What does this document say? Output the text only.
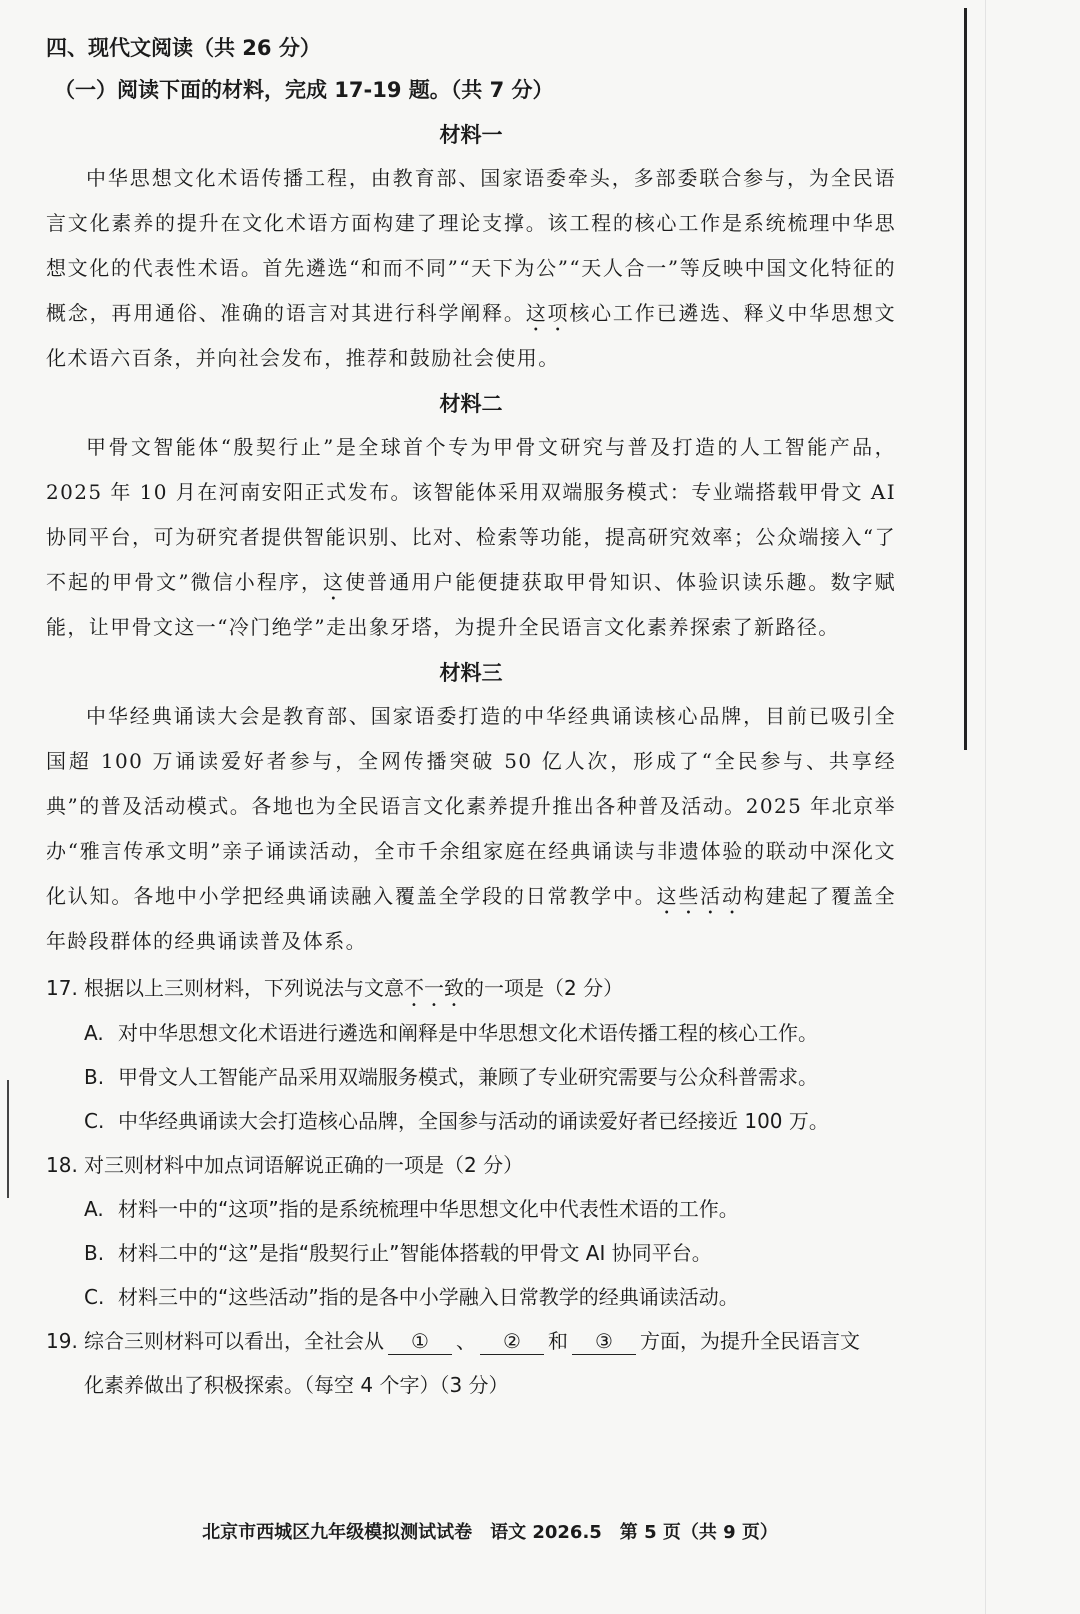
四、现代文阅读（共 26 分）

（一）阅读下面的材料，完成 17-19 题。（共 7 分）

材料一

中华思想文化术语传播工程，由教育部、国家语委牵头，多部委联合参与，为全民语言文化素养的提升在文化术语方面构建了理论支撑。该工程的核心工作是系统梳理中华思想文化的代表性术语。首先遴选“和而不同”“天下为公”“天人合一”等反映中国文化特征的概念，再用通俗、准确的语言对其进行科学阐释。这项核心工作已遴选、释义中华思想文化术语六百条，并向社会发布，推荐和鼓励社会使用。

材料二

甲骨文智能体“殷契行止”是全球首个专为甲骨文研究与普及打造的人工智能产品，2025 年 10 月在河南安阳正式发布。该智能体采用双端服务模式：专业端搭载甲骨文 AI 协同平台，可为研究者提供智能识别、比对、检索等功能，提高研究效率；公众端接入“了不起的甲骨文”微信小程序，这使普通用户能便捷获取甲骨知识、体验识读乐趣。数字赋能，让甲骨文这一“冷门绝学”走出象牙塔，为提升全民语言文化素养探索了新路径。

材料三

中华经典诵读大会是教育部、国家语委打造的中华经典诵读核心品牌，目前已吸引全国超 100 万诵读爱好者参与，全网传播突破 50 亿人次，形成了“全民参与、共享经典”的普及活动模式。各地也为全民语言文化素养提升推出各种普及活动。2025 年北京举办“雅言传承文明”亲子诵读活动，全市千余组家庭在经典诵读与非遗体验的联动中深化文化认知。各地中小学把经典诵读融入覆盖全学段的日常教学中。这些活动构建起了覆盖全年龄段群体的经典诵读普及体系。

17. 根据以上三则材料，下列说法与文意不一致的一项是（2 分）

A. 对中华思想文化术语进行遴选和阐释是中华思想文化术语传播工程的核心工作。

B. 甲骨文人工智能产品采用双端服务模式，兼顾了专业研究需要与公众科普需求。

C. 中华经典诵读大会打造核心品牌，全国参与活动的诵读爱好者已经接近 100 万。

18. 对三则材料中加点词语解说正确的一项是（2 分）

A. 材料一中的“这项”指的是系统梳理中华思想文化中代表性术语的工作。

B. 材料二中的“这”是指“殷契行止”智能体搭载的甲骨文 AI 协同平台。

C. 材料三中的“这些活动”指的是各中小学融入日常教学的经典诵读活动。

19. 综合三则材料可以看出，全社会从 ① 、 ② 和 ③ 方面，为提升全民语言文

化素养做出了积极探索。（每空 4 个字）（3 分）

北京市西城区九年级模拟测试试卷　语文 2026.5　第 5 页（共 9 页）
